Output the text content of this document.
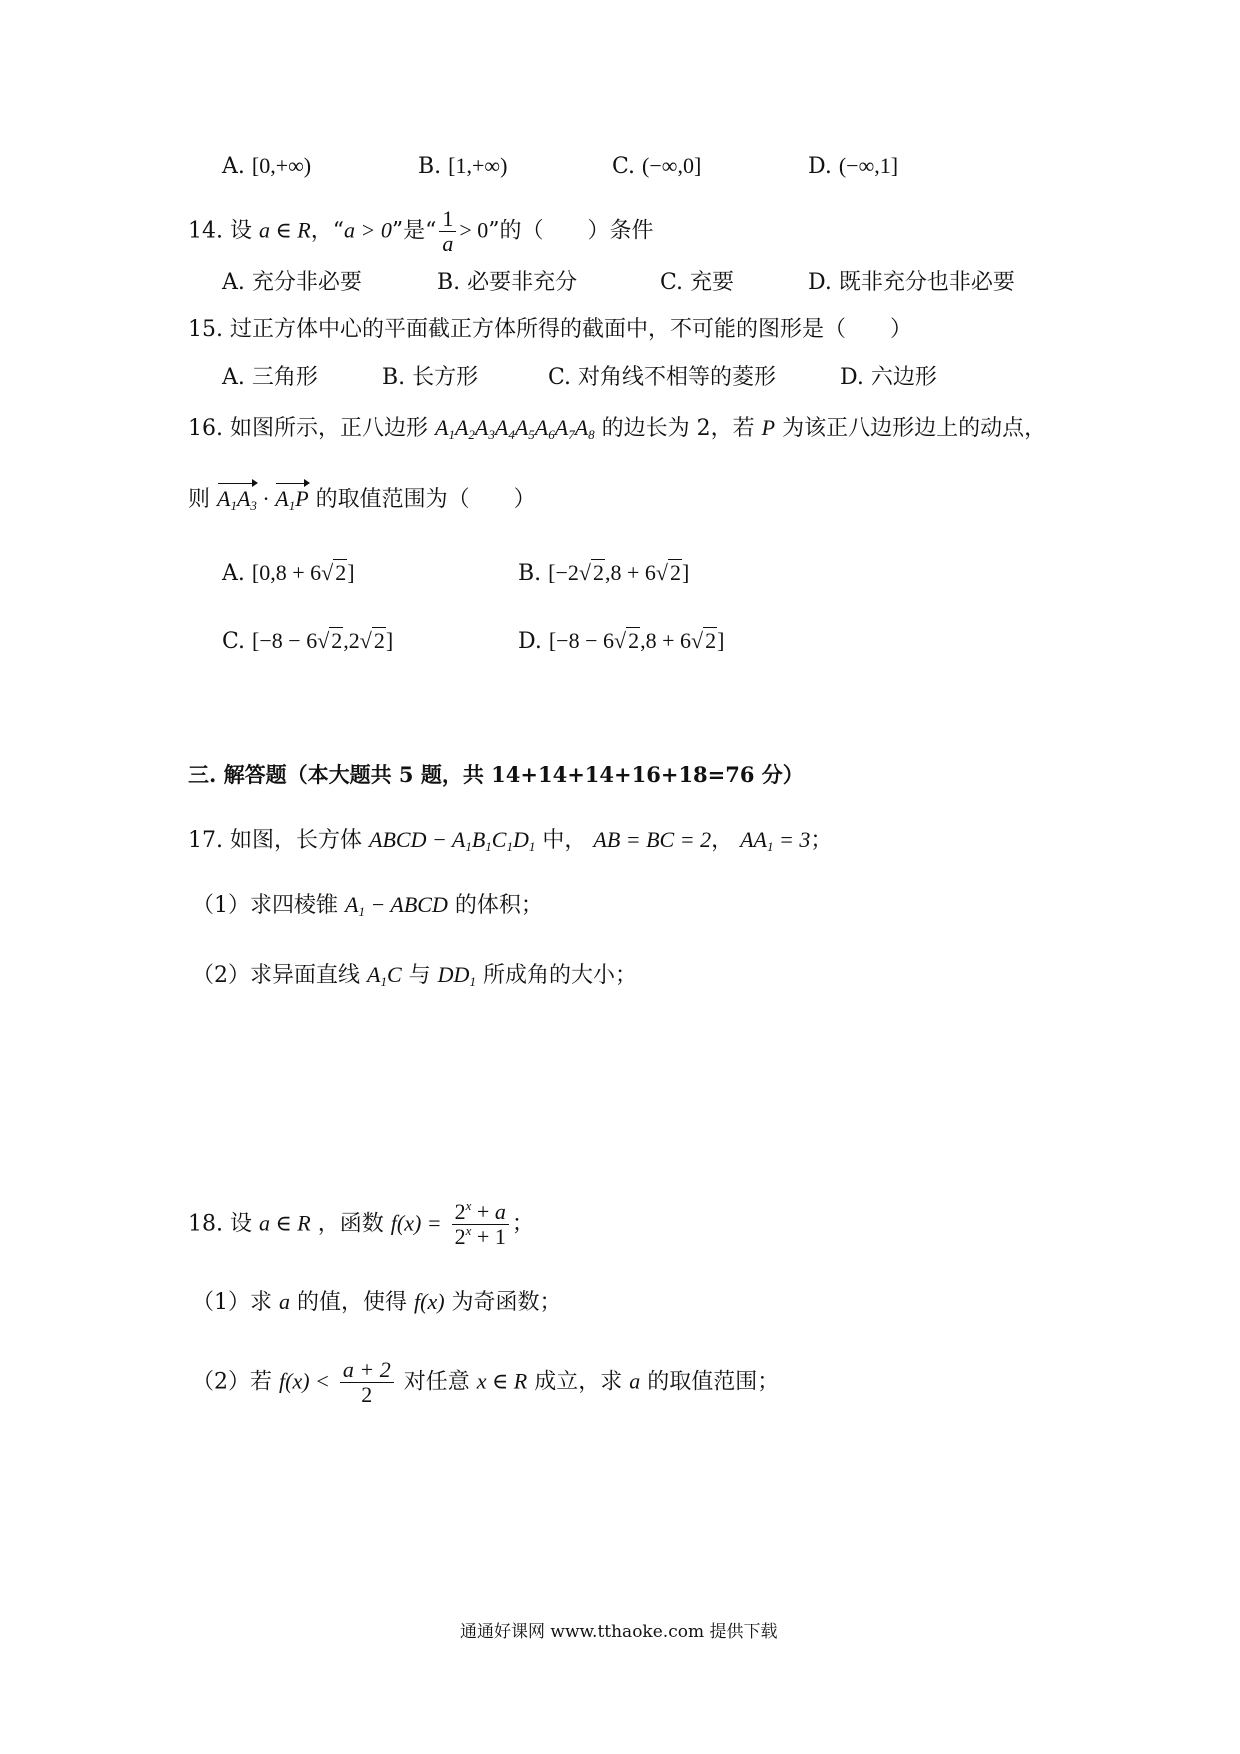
A. [0,+∞)	B. [1,+∞)	C. (−∞,0]	D. (−∞,1]
14. 设 a ∈ R，“a > 0”是“ $\frac{1}{a} > 0$”的（　　）条件
A. 充分非必要	B. 必要非充分	C. 充要	D. 既非充分也非必要
15. 过正方体中心的平面截正方体所得的截面中，不可能的图形是（　　）
A. 三角形	B. 长方形	C. 对角线不相等的菱形	D. 六边形
16. 如图所示，正八边形 $A_1A_2A_3A_4A_5A_6A_7A_8$ 的边长为 2，若 P 为该正八边形边上的动点，
则 $A_1A_3 \cdot A_1P$ 的取值范围为（　　）
A. [0,8 + 6√2]	B. [−2√2,8 + 6√2]
C. [−8 − 6√2,2√2]	D. [−8 − 6√2,8 + 6√2]
三. 解答题（本大题共 5 题，共 14+14+14+16+18=76 分）
17. 如图，长方体 ABCD − $A_1B_1C_1D_1$ 中， AB = BC = 2， $AA_1 = 3$；
（1）求四棱锥 $A_1$ − ABCD 的体积；
（2）求异面直线 $A_1C$ 与 $DD_1$ 所成角的大小；
18. 设 a ∈ R ，函数 $f(x) = \frac{2^x + a}{2^x + 1}$ ；
（1）求 a 的值，使得 f(x) 为奇函数；
（2）若 $f(x) < \frac{a + 2}{2}$ 对任意 x ∈ R 成立，求 a 的取值范围；
通通好课网 www.tthaoke.com 提供下载
